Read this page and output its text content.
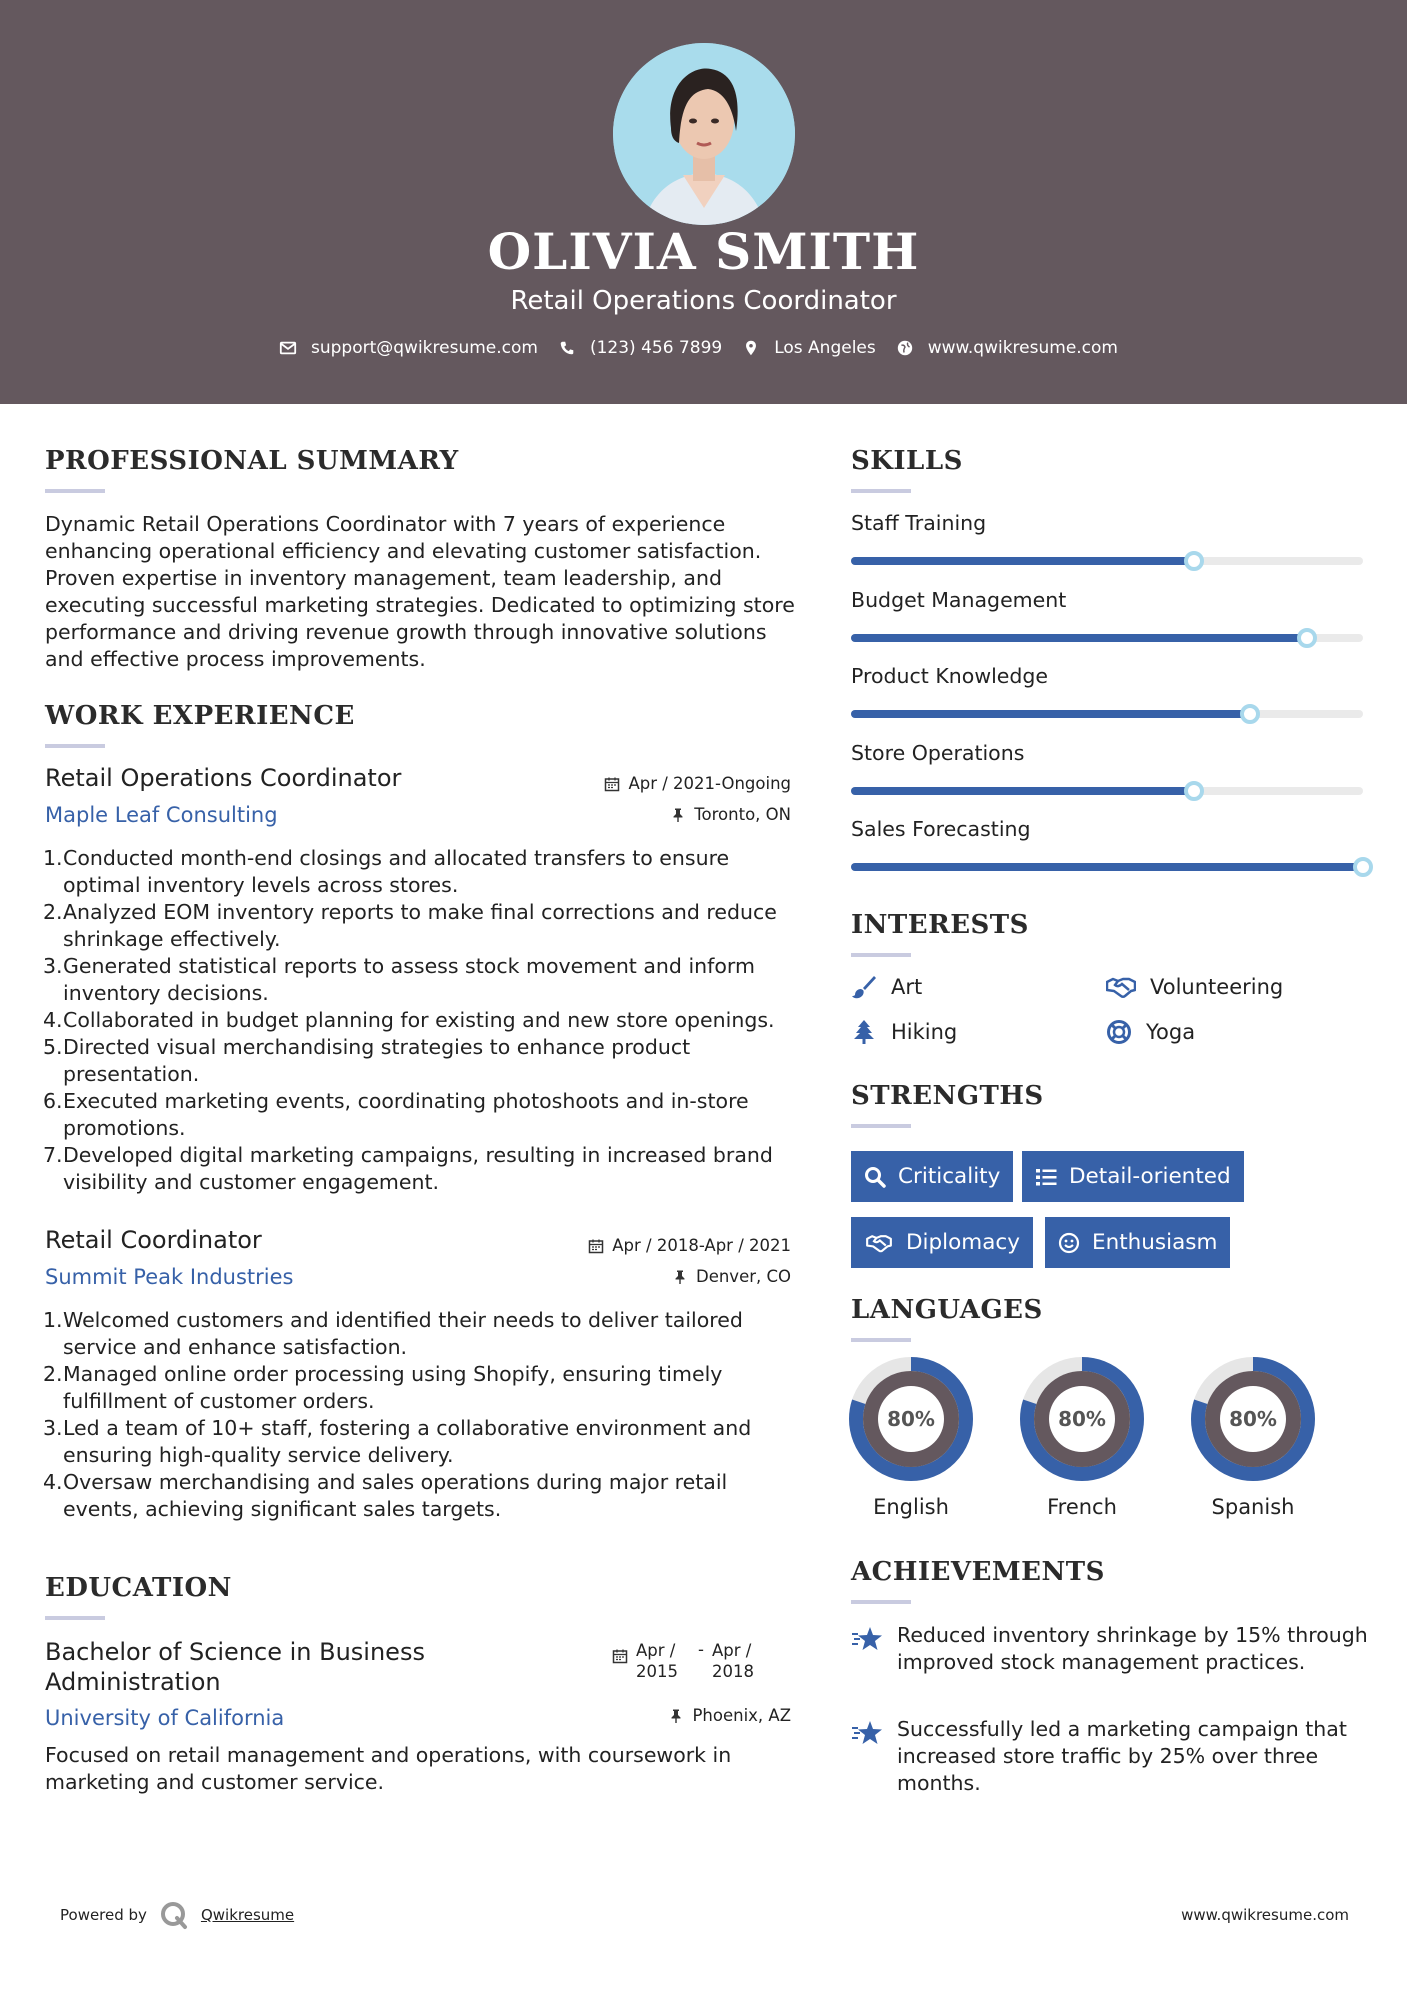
OLIVIA SMITH
Retail Operations Coordinator
support@qwikresume.com	(123) 456 7899	Los Angeles	www.qwikresume.com
PROFESSIONAL SUMMARY
Dynamic Retail Operations Coordinator with 7 years of experience enhancing operational efficiency and elevating customer satisfaction. Proven expertise in inventory management, team leadership, and executing successful marketing strategies. Dedicated to optimizing store performance and driving revenue growth through innovative solutions and effective process improvements.
WORK EXPERIENCE
Retail Operations Coordinator	Apr / 2021-Ongoing
Maple Leaf Consulting	Toronto, ON
Conducted month-end closings and allocated transfers to ensure optimal inventory levels across stores.
Analyzed EOM inventory reports to make final corrections and reduce shrinkage effectively.
Generated statistical reports to assess stock movement and inform inventory decisions.
Collaborated in budget planning for existing and new store openings.
Directed visual merchandising strategies to enhance product presentation.
Executed marketing events, coordinating photoshoots and in-store promotions.
Developed digital marketing campaigns, resulting in increased brand visibility and customer engagement.
Retail Coordinator	Apr / 2018-Apr / 2021
Summit Peak Industries	Denver, CO
Welcomed customers and identified their needs to deliver tailored service and enhance satisfaction.
Managed online order processing using Shopify, ensuring timely fulfillment of customer orders.
Led a team of 10+ staff, fostering a collaborative environment and ensuring high-quality service delivery.
Oversaw merchandising and sales operations during major retail events, achieving significant sales targets.
EDUCATION
Bachelor of Science in Business Administration
Apr / 2015
- Apr / 2018
University of California	Phoenix, AZ
Focused on retail management and operations, with coursework in marketing and customer service.
SKILLS
Staff Training
Budget Management
Product Knowledge
Store Operations
Sales Forecasting
INTERESTS
Art	Volunteering
Hiking	Yoga
STRENGTHS
Criticality	Detail-oriented
Diplomacy	Enthusiasm
LANGUAGES
80%
English
80%
French
80%
Spanish
ACHIEVEMENTS
Reduced inventory shrinkage by 15% through improved stock management practices.
Successfully led a marketing campaign that increased store traffic by 25% over three months.
Powered by	Qwikresume	www.qwikresume.com
